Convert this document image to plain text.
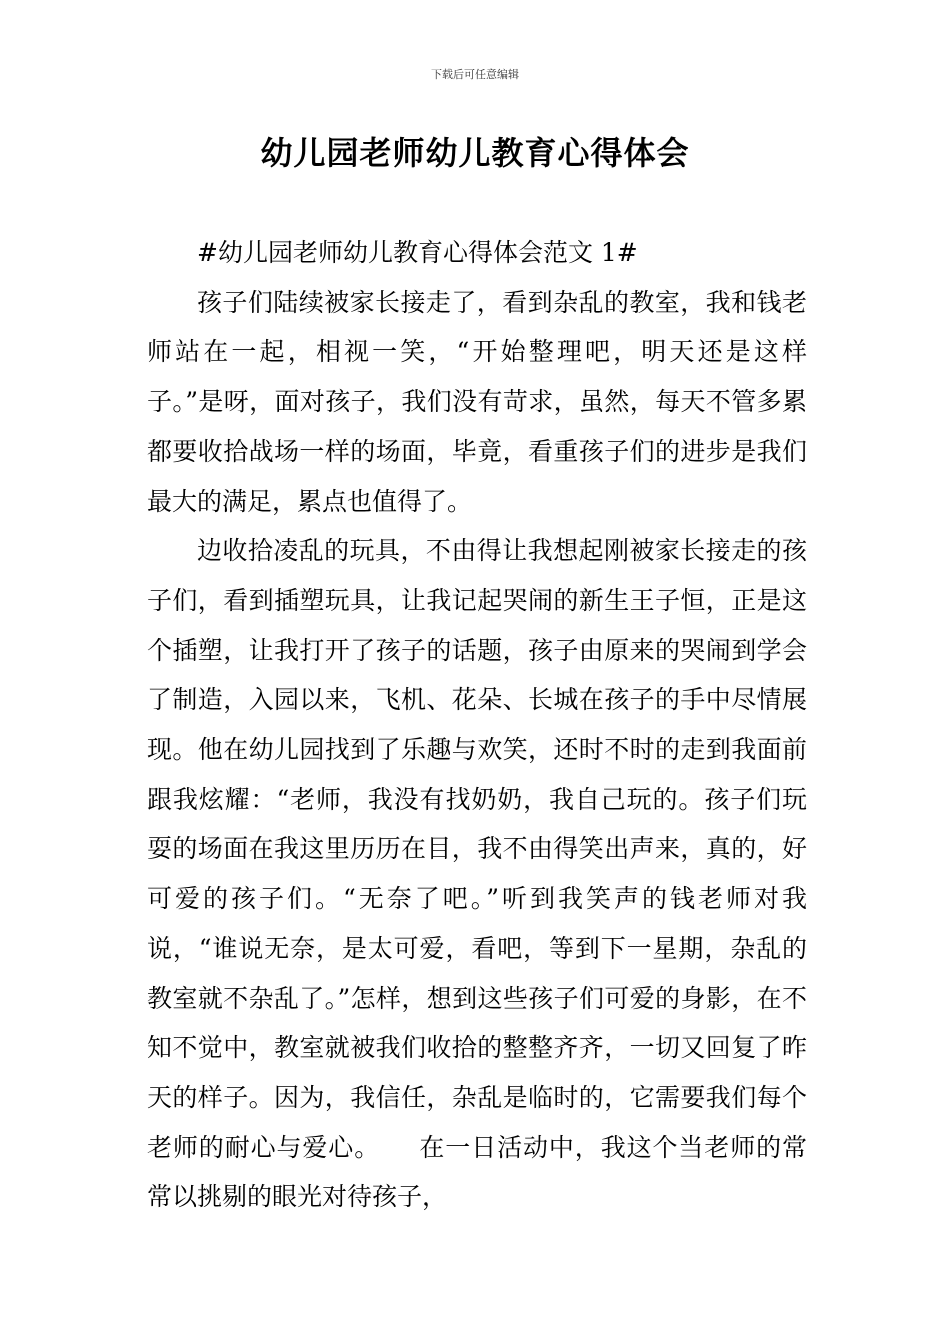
下载后可任意编辑
幼儿园老师幼儿教育心得体会

#幼儿园老师幼儿教育心得体会范文 1#

孩子们陆续被家长接走了，看到杂乱的教室，我和钱老师站在一起，相视一笑，“开始整理吧，明天还是这样子。”是呀，面对孩子，我们没有苛求，虽然，每天不管多累都要收拾战场一样的场面，毕竟，看重孩子们的进步是我们最大的满足，累点也值得了。

边收拾凌乱的玩具，不由得让我想起刚被家长接走的孩子们，看到插塑玩具，让我记起哭闹的新生王子恒，正是这个插塑，让我打开了孩子的话题，孩子由原来的哭闹到学会了制造，入园以来，飞机、花朵、长城在孩子的手中尽情展现。他在幼儿园找到了乐趣与欢笑，还时不时的走到我面前跟我炫耀：“老师，我没有找奶奶，我自己玩的。孩子们玩耍的场面在我这里历历在目，我不由得笑出声来，真的，好可爱的孩子们。“无奈了吧。”听到我笑声的钱老师对我说，“谁说无奈，是太可爱，看吧，等到下一星期，杂乱的教室就不杂乱了。”怎样，想到这些孩子们可爱的身影，在不知不觉中，教室就被我们收拾的整整齐齐，一切又回复了昨天的样子。因为，我信任，杂乱是临时的，它需要我们每个老师的耐心与爱心。　　在一日活动中，我这个当老师的常常以挑剔的眼光对待孩子，
